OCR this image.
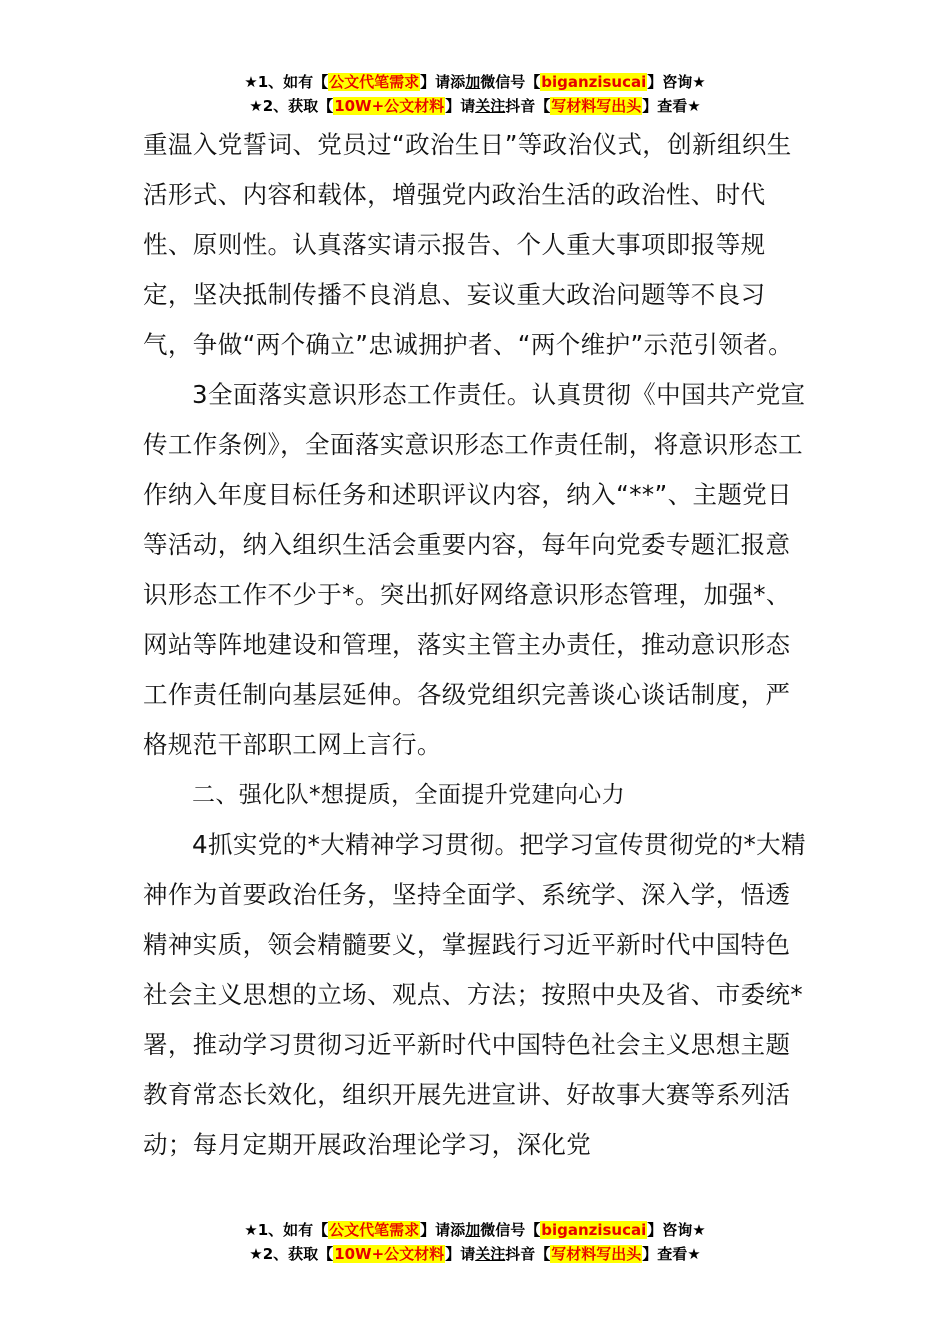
★1、如有【公文代笔需求】请添加微信号【biganzisucai】咨询★
★2、获取【10W+公文材料】请关注抖音【写材料写出头】查看★

重温入党誓词、党员过“政治生日”等政治仪式，创新组织生活形式、内容和载体，增强党内政治生活的政治性、时代性、原则性。认真落实请示报告、个人重大事项即报等规定，坚决抵制传播不良消息、妄议重大政治问题等不良习气，争做“两个确立”忠诚拥护者、“两个维护”示范引领者。

3全面落实意识形态工作责任。认真贯彻《中国共产党宣传工作条例》，全面落实意识形态工作责任制，将意识形态工作纳入年度目标任务和述职评议内容，纳入“**”、主题党日等活动，纳入组织生活会重要内容，每年向党委专题汇报意识形态工作不少于*。突出抓好网络意识形态管理，加强*、网站等阵地建设和管理，落实主管主办责任，推动意识形态工作责任制向基层延伸。各级党组织完善谈心谈话制度，严格规范干部职工网上言行。

二、强化队*想提质，全面提升党建向心力

4抓实党的*大精神学习贯彻。把学习宣传贯彻党的*大精神作为首要政治任务，坚持全面学、系统学、深入学，悟透精神实质，领会精髓要义，掌握践行习近平新时代中国特色社会主义思想的立场、观点、方法；按照中央及省、市委统*署，推动学习贯彻习近平新时代中国特色社会主义思想主题教育常态长效化，组织开展先进宣讲、好故事大赛等系列活动；每月定期开展政治理论学习，深化党

★1、如有【公文代笔需求】请添加微信号【biganzisucai】咨询★
★2、获取【10W+公文材料】请关注抖音【写材料写出头】查看★
